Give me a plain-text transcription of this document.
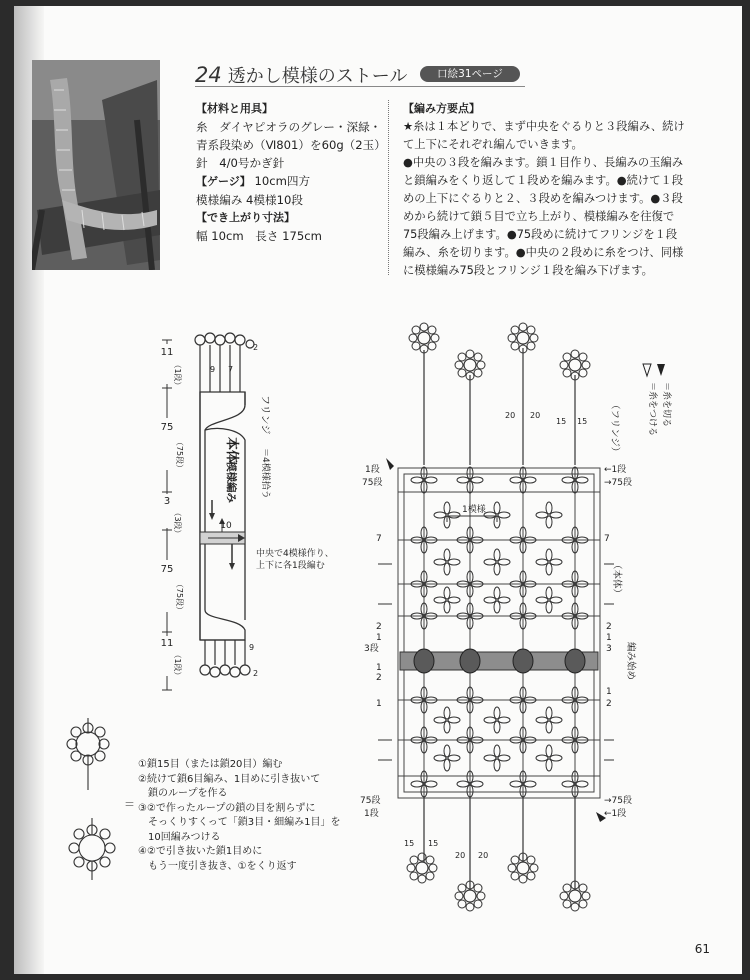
24 透かし模様のストール	口絵31ページ
【材料と用具】
糸　ダイヤピオラのグレー・深緑・
青系段染め（Ⅵ801）を60g（2玉）
針　4/0号かぎ針
【ゲージ】 10cm四方
模様編み 4模様10段
【でき上がり寸法】
幅 10cm　長さ 175cm
【編み方要点】
★糸は１本どりで、まず中央をぐるりと３段編み、続け
て上下にそれぞれ編んでいきます。
●中央の３段を編みます。鎖１目作り、長編みの玉編み
と鎖編みをくり返して１段めを編みます。●続けて１段
めの上下にぐるりと２、３段めを編みつけます。●３段
めから続けて鎖５目で立ち上がり、模様編みを往復で
75段編み上げます。●75段めに続けてフリンジを１段
編み、糸を切ります。●中央の２段めに糸をつけ、同様
に模様編み75段とフリンジ１段を編み下げます。
11
（1段）
75
（75段）
3
（3段）
75
（75段）
11
（1段）
本体
模様編み
10
フリンジ
＝4模様拾う
中央で4模様作り、
上下に各1段編む
9 7
2
9
2
20 20
15 15
15 15
20 20
1段
75段
7
2
1
3段
1
2
1
75段
1段
←1段
→75段
7
2
1
3
1
2
→75段
←1段
1模様
（フリンジ）
（本体）
編み始め
＝糸を切る
＝糸をつける
＝
①鎖15目（または鎖20目）編む
②続けて鎖6目編み、1目めに引き抜いて
　鎖のループを作る
③②で作ったループの鎖の目を割らずに
　そっくりすくって「鎖3目・細編み1目」を
　10回編みつける
④②で引き抜いた鎖1目めに
　もう一度引き抜き、①をくり返す
61
